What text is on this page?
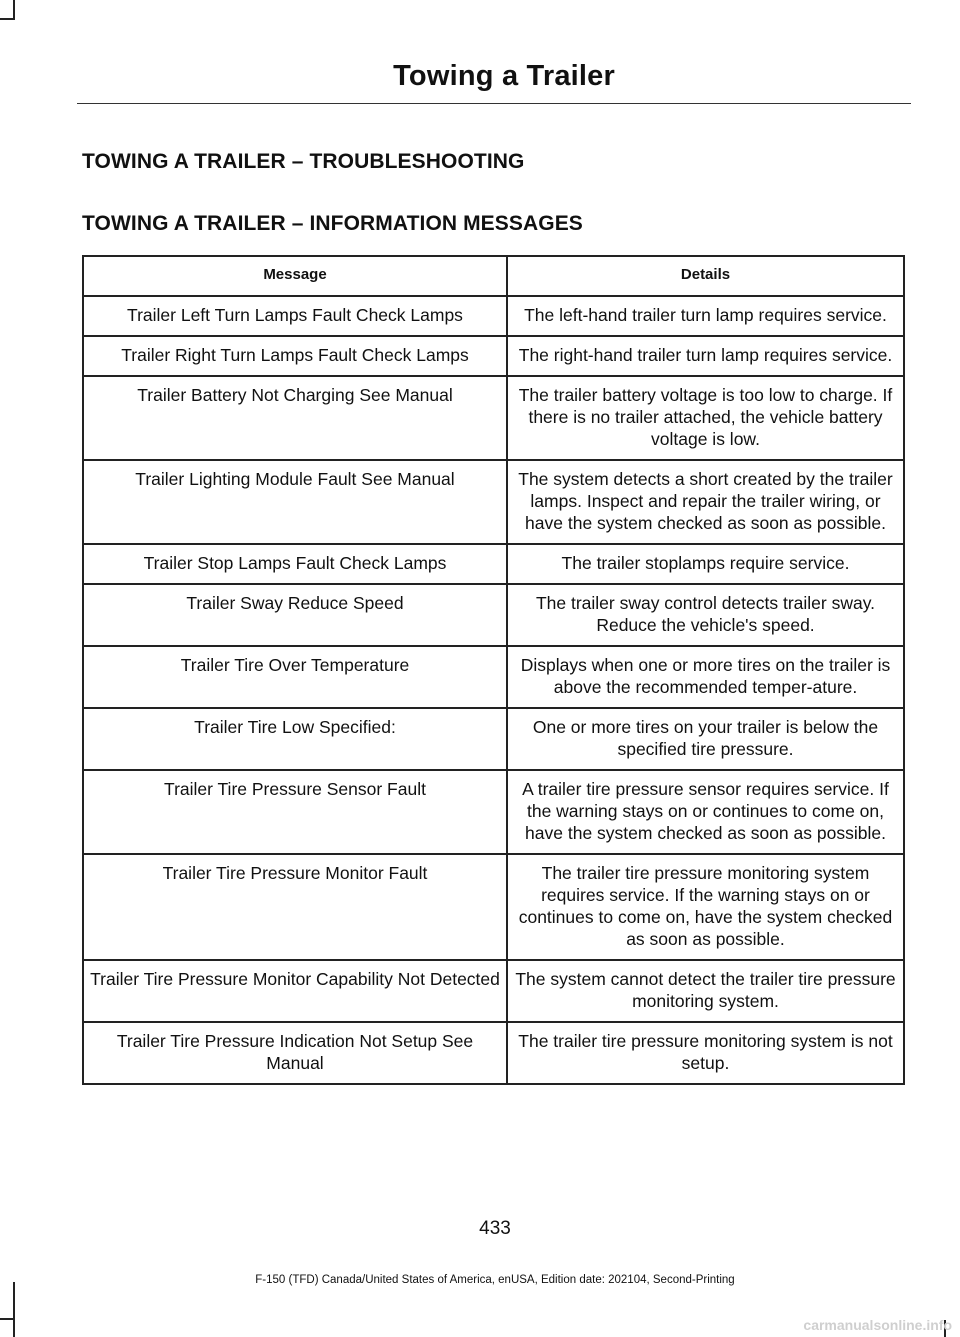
Towing a Trailer
TOWING A TRAILER – TROUBLESHOOTING
TOWING A TRAILER – INFORMATION MESSAGES
Message	Details
Trailer Left Turn Lamps Fault Check Lamps	The left-hand trailer turn lamp requires service.
Trailer Right Turn Lamps Fault Check Lamps	The right-hand trailer turn lamp requires service.
Trailer Battery Not Charging See Manual	The trailer battery voltage is too low to charge. If there is no trailer attached, the vehicle battery voltage is low.
Trailer Lighting Module Fault See Manual	The system detects a short created by the trailer lamps. Inspect and repair the trailer wiring, or have the system checked as soon as possible.
Trailer Stop Lamps Fault Check Lamps	The trailer stoplamps require service.
Trailer Sway Reduce Speed	The trailer sway control detects trailer sway. Reduce the vehicle's speed.
Trailer Tire Over Temperature	Displays when one or more tires on the trailer is above the recommended temper-ature.
Trailer Tire Low Specified:	One or more tires on your trailer is below the specified tire pressure.
Trailer Tire Pressure Sensor Fault	A trailer tire pressure sensor requires service. If the warning stays on or continues to come on, have the system checked as soon as possible.
Trailer Tire Pressure Monitor Fault	The trailer tire pressure monitoring system requires service. If the warning stays on or continues to come on, have the system checked as soon as possible.
Trailer Tire Pressure Monitor Capability Not Detected	The system cannot detect the trailer tire pressure monitoring system.
Trailer Tire Pressure Indication Not Setup See Manual	The trailer tire pressure monitoring system is not setup.
433
F-150 (TFD) Canada/United States of America, enUSA, Edition date: 202104, Second-Printing
carmanualsonline.info
